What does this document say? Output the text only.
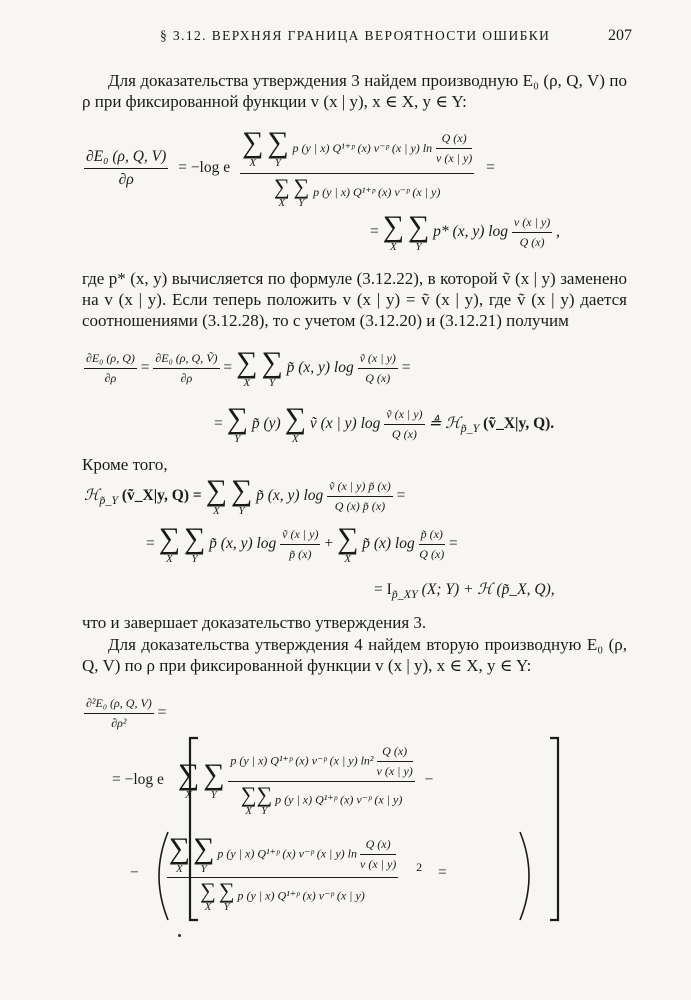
§ 3.12. ВЕРХНЯЯ ГРАНИЦА ВЕРОЯТНОСТИ ОШИБКИ	207
Для доказательства утверждения 3 найдем производную E₀ (ρ, Q, V) по ρ при фиксированной функции v (x | y), x ∈ X, y ∈ Y:
$\frac{\text{∂E₀ (ρ, Q, V)}}{\partial\rho} = -\log$ e
∑
X

∑
Y
p (y | x) Q¹⁺ᵖ (x) v⁻ᵖ (x | y) $\ln \frac{Q (x)}{v (x | y)}$
∑
X

∑
Y
p (y | x) Q¹⁺ᵖ (x) v⁻ᵖ (x | y)
=
= ∑
X

∑
Y
p* (x, y) $\log \frac{v (x | y)}{Q (x)}$ ,
где p* (x, y) вычисляется по формуле (3.12.22), в которой ṽ (x | y) заменено на v (x | y). Если теперь положить v (x | y) = ṽ (x | y), где ṽ (x | y) дается соотношениями (3.12.28), то с учетом (3.12.20) и (3.12.21) получим
$\frac{\text{∂E₀ (ρ, Q)}}{\partial\rho} = \frac{\text{∂E₀ (ρ, Q, Ṽ)}}{\partial\rho}$ = ∑
X

∑
Y
p̃ (x, y) $\log \frac{\text{ṽ (x | y)}}{Q (x)}$ =
= ∑
Y
p̃ (y) ∑
X
ṽ (x | y) $\log \frac{\text{ṽ (x | y)}}{Q (x)}$ ≜ ℋ$_{p̃\_Y}$ (ṽ_X|y, Q).
Кроме того,
ℋ$_{p̃\_Y}$ (ṽ_X|y, Q) = ∑
X

∑
Y
p̃ (x, y) $\log \frac{\text{ṽ (x | y) p̃ (x)}}{Q (x) p̃ (x)}$ =
= ∑
X

∑
Y
p̃ (x, y) $\log \frac{\text{ṽ (x | y)}}{p̃ (x)}$ + ∑
X
p̃ (x) $\log \frac{p̃ (x)}{Q (x)}$ =
= $I_{p̃\_XY}$ (X; Y) + ℋ (p̃_X, Q),
что и завершает доказательство утверждения 3.
Для доказательства утверждения 4 найдем вторую производную E₀ (ρ, Q, V) по ρ при фиксированной функции v (x | y), x ∈ X, y ∈ Y:
$\frac{\text{∂²E₀ (ρ, Q, V)}}{\text{∂ρ²}}$ =
= −log e ∑
X

∑
Y
p (y | x) Q¹⁺ᵖ (x) v⁻ᵖ (x | y) $\ln^2 \frac{Q (x)}{v (x | y)}$
∑
X
∑
Y
p (y | x) Q¹⁺ᵖ (x) v⁻ᵖ (x | y) −
−
∑
X

∑
Y
p (y | x) Q¹⁺ᵖ (x) v⁻ᵖ (x | y) $\ln \frac{Q (x)}{v (x | y)}$
∑
X

∑
Y
p (y | x) Q¹⁺ᵖ (x) v⁻ᵖ (x | y)
$^2$ =
